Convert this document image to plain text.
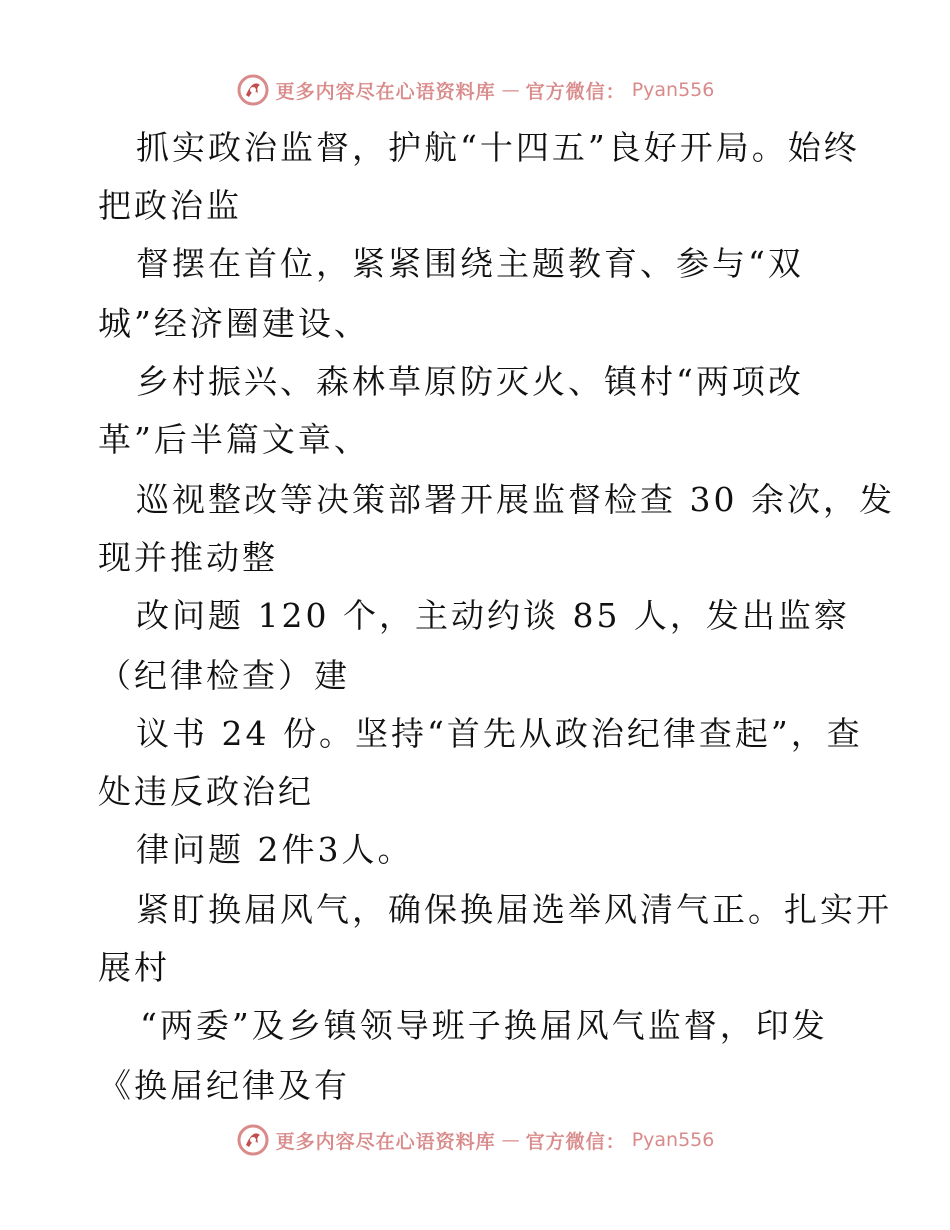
更多内容尽在心语资料库 — 官方微信： Pyan556
抓实政治监督，护航“十四五”良好开局。始终
把政治监
督摆在首位，紧紧围绕主题教育、参与“双
城”经济圈建设、
乡村振兴、森林草原防灭火、镇村“两项改
革”后半篇文章、
巡视整改等决策部署开展监督检查 30 余次，发
现并推动整
改问题 120 个，主动约谈 85 人，发出监察
（纪律检查）建
议书 24 份。坚持“首先从政治纪律查起”，查
处违反政治纪
律问题 2件3人。
紧盯换届风气，确保换届选举风清气正。扎实开
展村
“两委”及乡镇领导班子换届风气监督，印发
《换届纪律及有
更多内容尽在心语资料库 — 官方微信： Pyan556
